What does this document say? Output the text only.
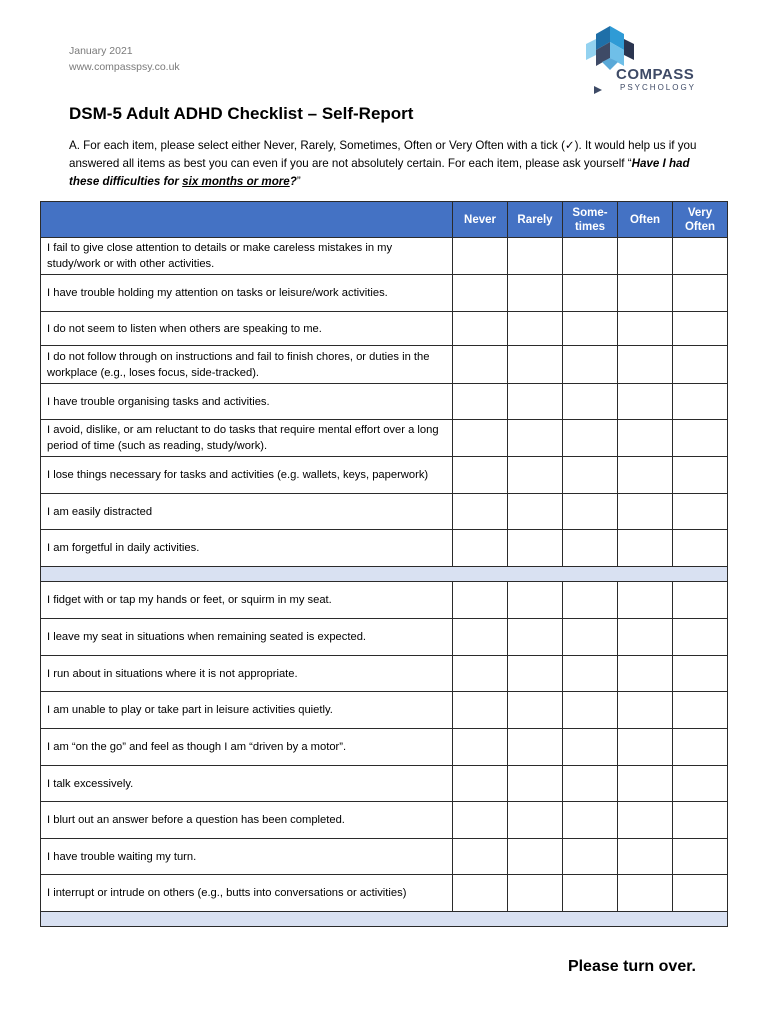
January 2021
www.compasspsy.co.uk	COMPASS
PSYCHOLOGY
DSM-5 Adult ADHD Checklist – Self-Report

A. For each item, please select either Never, Rarely, Sometimes, Often or Very Often with a tick (✓). It would help us if you answered all items as best you can even if you are not absolutely certain. For each item, please ask yourself “Have I had these difficulties for six months or more?”

	Never	Rarely	Some-
times	Often	Very
Often
I fail to give close attention to details or make careless mistakes in my study/work or with other activities.					
I have trouble holding my attention on tasks or leisure/work activities.					
I do not seem to listen when others are speaking to me.					
I do not follow through on instructions and fail to finish chores, or duties in the workplace (e.g., loses focus, side-tracked).					
I have trouble organising tasks and activities.					
I avoid, dislike, or am reluctant to do tasks that require mental effort over a long period of time (such as reading, study/work).					
I lose things necessary for tasks and activities (e.g. wallets, keys, paperwork)					
I am easily distracted					
I am forgetful in daily activities.					

I fidget with or tap my hands or feet, or squirm in my seat.					
I leave my seat in situations when remaining seated is expected.					
I run about in situations where it is not appropriate.					
I am unable to play or take part in leisure activities quietly.					
I am “on the go” and feel as though I am “driven by a motor”.					
I talk excessively.					
I blurt out an answer before a question has been completed.					
I have trouble waiting my turn.					
I interrupt or intrude on others (e.g., butts into conversations or activities)					

Please turn over.
